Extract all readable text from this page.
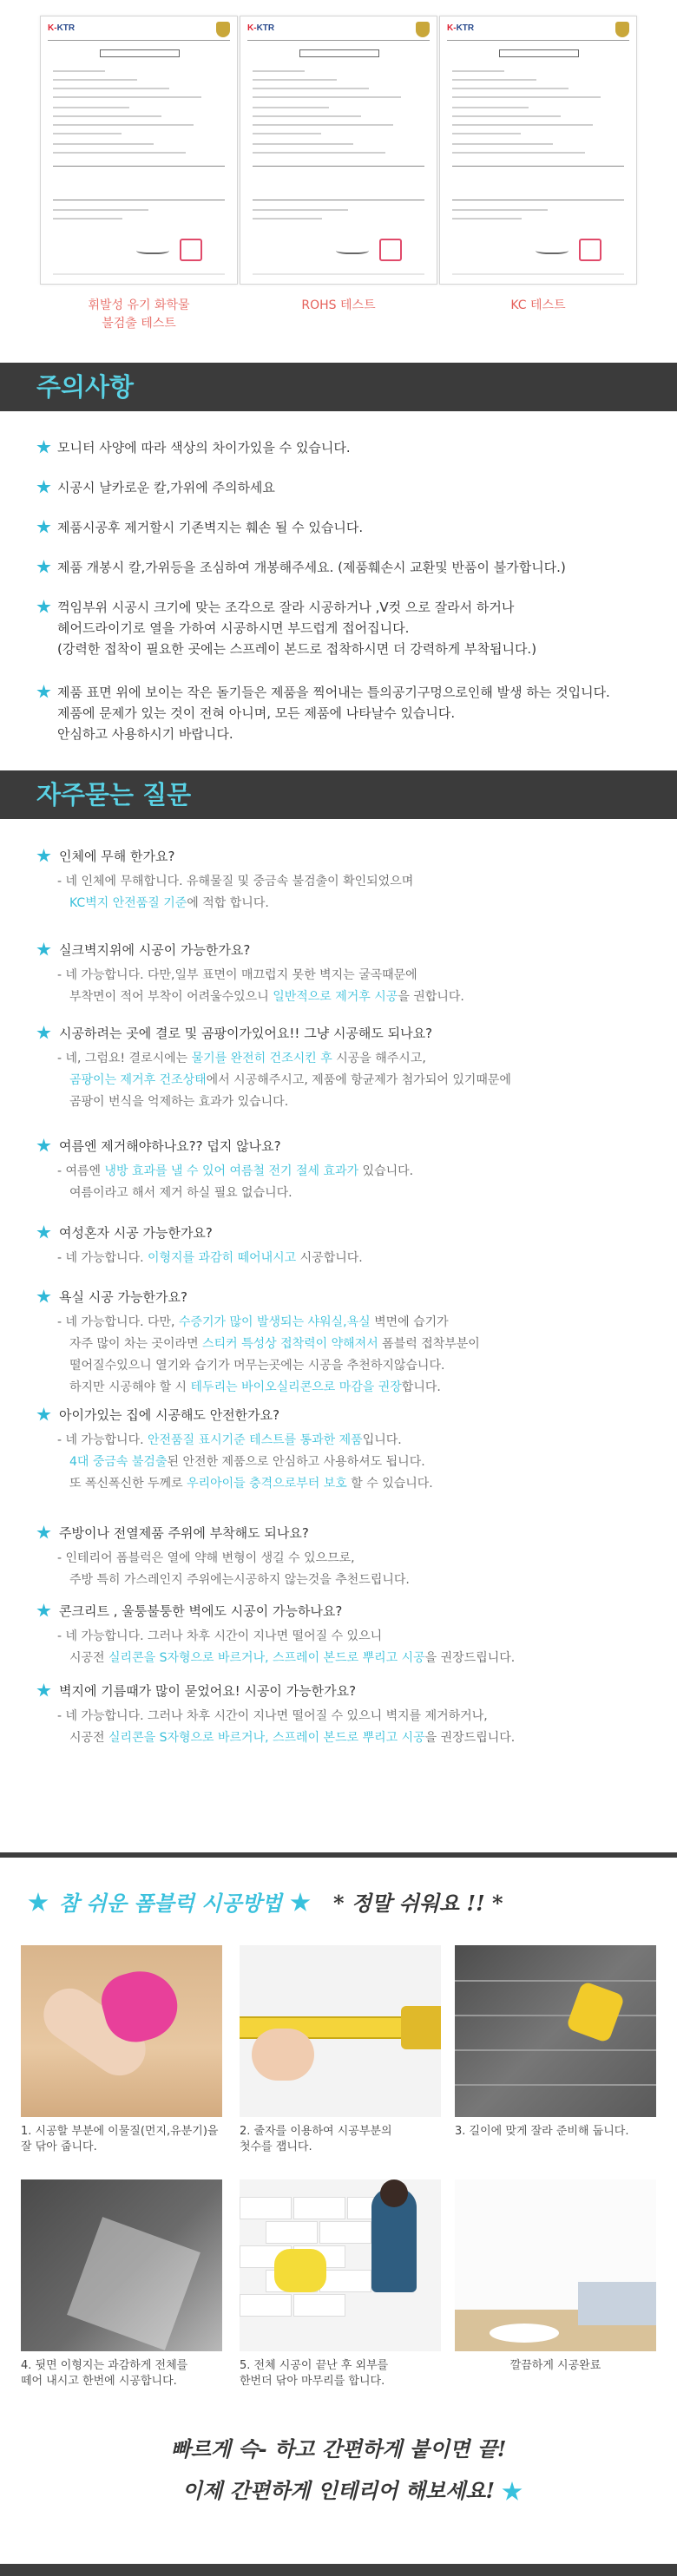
K-KTR
휘발성 유기 화학물
불검출 테스트
K-KTR
ROHS 테스트
K-KTR
KC 테스트
주의사항
모니터 사양에 따라 색상의 차이가있을 수 있습니다.
시공시 날카로운 칼,가위에 주의하세요
제품시공후 제거할시 기존벽지는 훼손 될 수 있습니다.
제품 개봉시 칼,가위등을 조심하여 개봉해주세요. (제품훼손시 교환및 반품이 불가합니다.)
꺽임부위 시공시 크기에 맞는 조각으로 잘라 시공하거나 ,V컷 으로 잘라서 하거나
헤어드라이기로 열을 가하여 시공하시면 부드럽게 접어집니다.
(강력한 접착이 필요한 곳에는 스프레이 본드로 접착하시면 더 강력하게 부착됩니다.)
제품 표면 위에 보이는 작은 돌기들은 제품을 찍어내는 틀의공기구멍으로인해 발생 하는 것입니다.
제품에 문제가 있는 것이 전혀 아니며, 모든 제품에 나타날수 있습니다.
안심하고 사용하시기 바랍니다.
자주묻는 질문
인체에 무해 한가요?
- 네 인체에 무해합니다. 유해물질 및 중금속 불검출이 확인되었으며
KC벽지 안전품질 기준에 적합 합니다.
실크벽지위에 시공이 가능한가요?
- 네 가능합니다. 다만,일부 표면이 매끄럽지 못한 벽지는 굴곡때문에
부착면이 적어 부착이 어려울수있으니 일반적으로 제거후 시공을 권합니다.
시공하려는 곳에 결로 및 곰팡이가있어요!! 그냥 시공해도 되나요?
- 네, 그럼요! 결로시에는 물기를 완전히 건조시킨 후 시공을 해주시고,
곰팡이는 제거후 건조상태에서 시공해주시고, 제품에 항균제가 첨가되어 있기때문에
곰팡이 번식을 억제하는 효과가 있습니다.
여름엔 제거해야하나요?? 덥지 않나요?
- 여름엔 냉방 효과를 낼 수 있어 여름철 전기 절세 효과가 있습니다.
여름이라고 해서 제거 하실 필요 없습니다.
여성혼자 시공 가능한가요?
- 네 가능합니다. 이형지를 과감히 떼어내시고 시공합니다.
욕실 시공 가능한가요?
- 네 가능합니다. 다만, 수증기가 많이 발생되는 샤워실,욕실 벽면에 습기가
자주 많이 차는 곳이라면 스티커 특성상 접착력이 약해져서 폼블럭 접착부분이
떨어질수있으니 열기와 습기가 머무는곳에는 시공을 추천하지않습니다.
하지만 시공해야 할 시 테두리는 바이오실리콘으로 마감을 권장합니다.
아이가있는 집에 시공해도 안전한가요?
- 네 가능합니다. 안전품질 표시기준 테스트를 통과한 제품입니다.
4대 중금속 불검출된 안전한 제품으로 안심하고 사용하셔도 됩니다.
또 폭신폭신한 두께로 우리아이들 충격으로부터 보호 할 수 있습니다.
주방이나 전열제품 주위에 부착해도 되나요?
- 인테리어 폼블럭은 열에 약해 변형이 생길 수 있으므로,
주방 특히 가스레인지 주위에는시공하지 않는것을 추천드립니다.
콘크리트 , 울퉁불퉁한 벽에도 시공이 가능하나요?
- 네 가능합니다. 그러나 차후 시간이 지나면 떨어질 수 있으니
시공전 실리콘을 S자형으로 바르거나, 스프레이 본드로 뿌리고 시공을 권장드립니다.
벽지에 기름때가 많이 묻었어요! 시공이 가능한가요?
- 네 가능합니다. 그러나 차후 시간이 지나면 떨어질 수 있으니 벽지를 제거하거나,
시공전 실리콘을 S자형으로 바르거나, 스프레이 본드로 뿌리고 시공을 권장드립니다.
참 쉬운 폼블럭 시공방법 * 정말 쉬워요 !! *
1. 시공할 부분에 이물질(먼지,유분기)을
잘 닦아 줍니다.
2. 줄자를 이용하여 시공부분의
첫수를 잽니다.
3. 길이에 맞게 잘라 준비해 둡니다.
4. 뒷면 이형지는 과감하게 전체를
떼어 내시고 한번에 시공합니다.
5. 전체 시공이 끝난 후 외부를
한번더 닦아 마무리를 합니다.
깔끔하게 시공완료
빠르게 슥- 하고 간편하게 붙이면 끝!
이제 간편하게 인테리어 해보세요!
